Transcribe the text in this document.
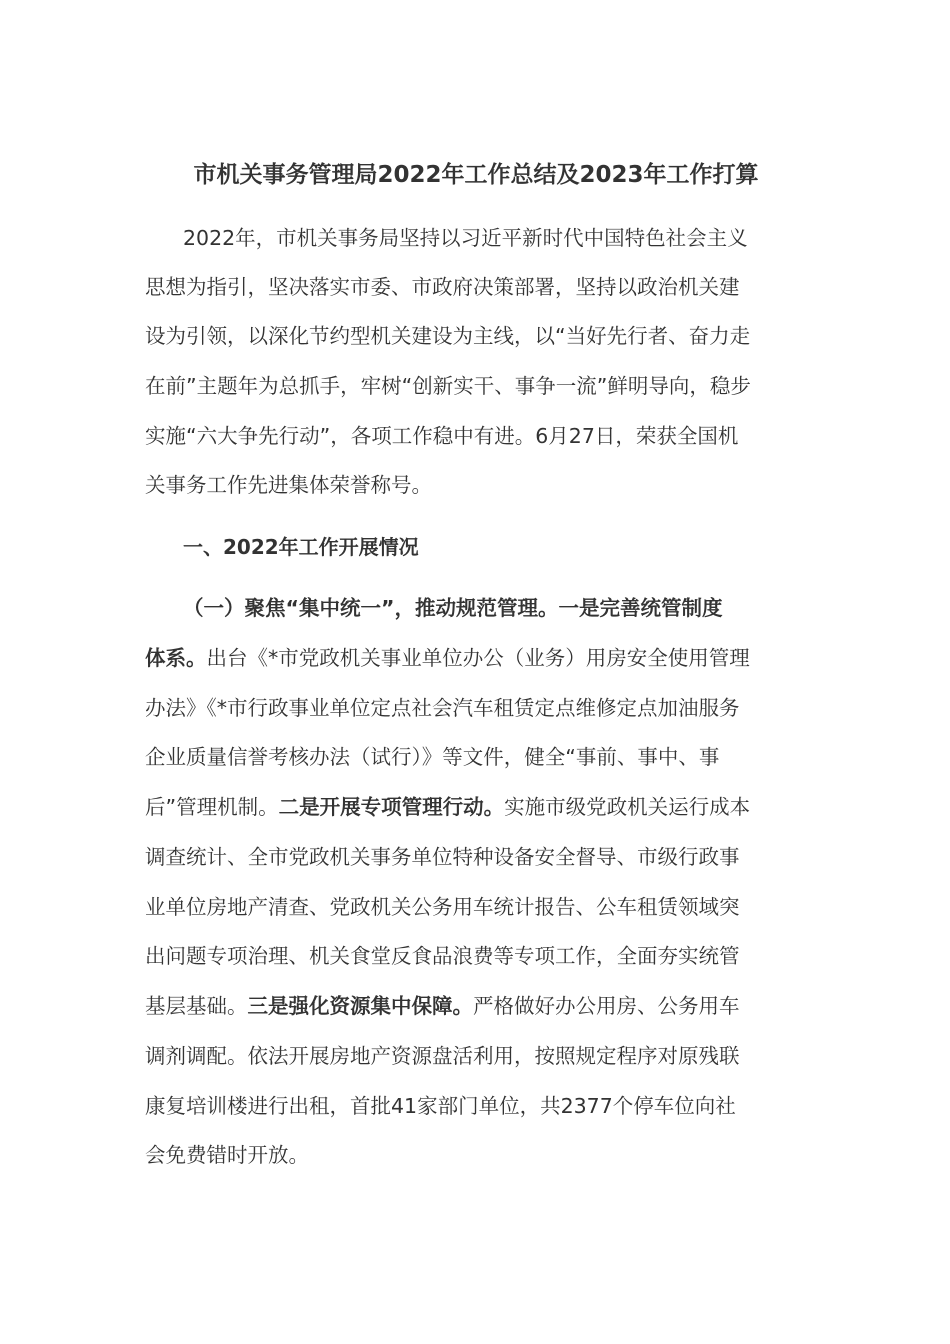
市机关事务管理局2022年工作总结及2023年工作打算
2022年，市机关事务局坚持以习近平新时代中国特色社会主义
思想为指引，坚决落实市委、市政府决策部署，坚持以政治机关建
设为引领，以深化节约型机关建设为主线，以“当好先行者、奋力走
在前”主题年为总抓手，牢树“创新实干、事争一流”鲜明导向，稳步
实施“六大争先行动”，各项工作稳中有进。6月27日，荣获全国机
关事务工作先进集体荣誉称号。
一、2022年工作开展情况
（一）聚焦“集中统一”，推动规范管理。一是完善统管制度
体系。出台《*市党政机关事业单位办公（业务）用房安全使用管理
办法》《*市行政事业单位定点社会汽车租赁定点维修定点加油服务
企业质量信誉考核办法（试行）》等文件，健全“事前、事中、事
后”管理机制。二是开展专项管理行动。实施市级党政机关运行成本
调查统计、全市党政机关事务单位特种设备安全督导、市级行政事
业单位房地产清查、党政机关公务用车统计报告、公车租赁领域突
出问题专项治理、机关食堂反食品浪费等专项工作，全面夯实统管
基层基础。三是强化资源集中保障。严格做好办公用房、公务用车
调剂调配。依法开展房地产资源盘活利用，按照规定程序对原残联
康复培训楼进行出租，首批41家部门单位，共2377个停车位向社
会免费错时开放。
